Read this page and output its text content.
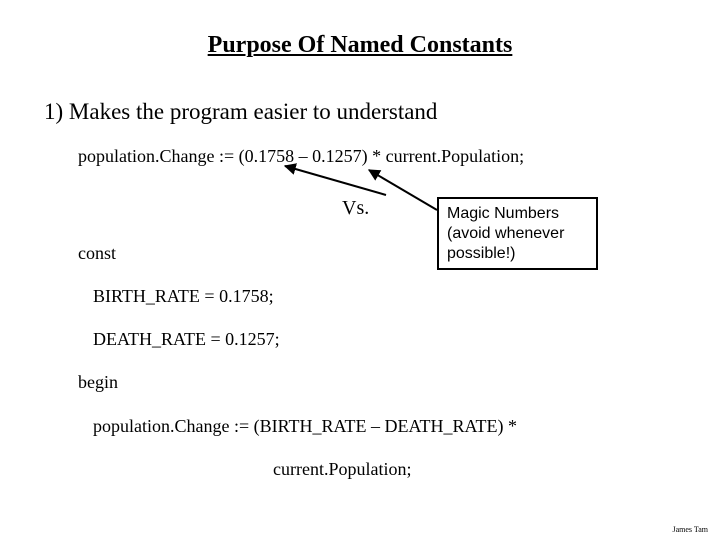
Purpose Of Named Constants
1) Makes the program easier to understand
population.Change := (0.1758 – 0.1257) * current.Population;
Vs.	Magic Numbers
(avoid whenever
possible!)
const
BIRTH_RATE = 0.1758;
DEATH_RATE = 0.1257;
begin
population.Change := (BIRTH_RATE – DEATH_RATE) *
current.Population;
James Tam
